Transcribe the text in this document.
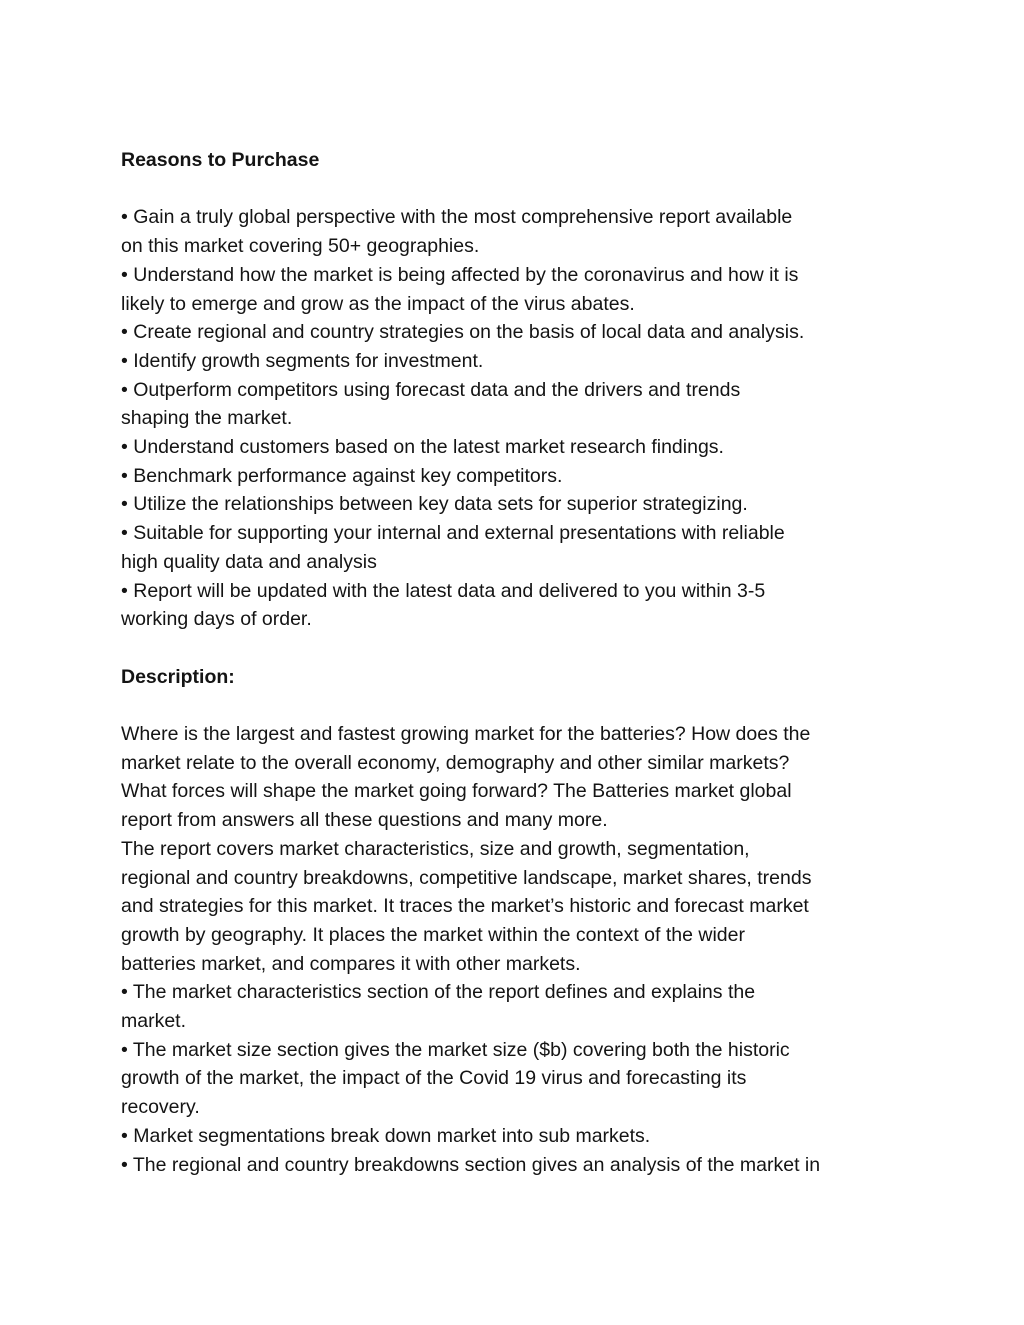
Reasons to Purchase

• Gain a truly global perspective with the most comprehensive report available

on this market covering 50+ geographies.

• Understand how the market is being affected by the coronavirus and how it is

likely to emerge and grow as the impact of the virus abates.

• Create regional and country strategies on the basis of local data and analysis.

• Identify growth segments for investment.

• Outperform competitors using forecast data and the drivers and trends

shaping the market.

• Understand customers based on the latest market research findings.

• Benchmark performance against key competitors.

• Utilize the relationships between key data sets for superior strategizing.

• Suitable for supporting your internal and external presentations with reliable

high quality data and analysis

• Report will be updated with the latest data and delivered to you within 3-5

working days of order.

Description:

Where is the largest and fastest growing market for the batteries? How does the

market relate to the overall economy, demography and other similar markets?

What forces will shape the market going forward? The Batteries market global

report from answers all these questions and many more.

The report covers market characteristics, size and growth, segmentation,

regional and country breakdowns, competitive landscape, market shares, trends

and strategies for this market. It traces the market’s historic and forecast market

growth by geography. It places the market within the context of the wider

batteries market, and compares it with other markets.

• The market characteristics section of the report defines and explains the

market.

• The market size section gives the market size ($b) covering both the historic

growth of the market, the impact of the Covid 19 virus and forecasting its

recovery.

• Market segmentations break down market into sub markets.

• The regional and country breakdowns section gives an analysis of the market in
